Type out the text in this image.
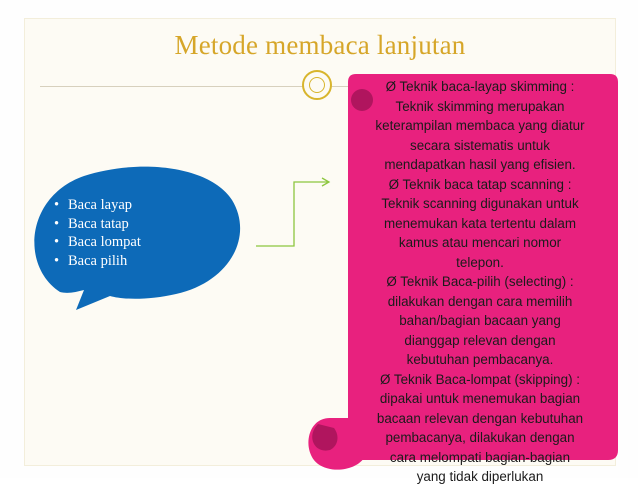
Metode membaca lanjutan
• Baca layap
• Baca tatap
• Baca lompat
• Baca pilih

Ø Teknik baca-layap skimming :

Teknik skimming merupakan

keterampilan membaca yang diatur

secara sistematis untuk

mendapatkan hasil yang efisien.

Ø Teknik baca tatap scanning :

Teknik scanning digunakan untuk

menemukan kata tertentu dalam

kamus atau mencari nomor

telepon.

Ø Teknik Baca-pilih (selecting) :

dilakukan dengan cara memilih

bahan/bagian bacaan yang

dianggap relevan dengan

kebutuhan pembacanya.

Ø Teknik Baca-lompat (skipping) :

dipakai untuk menemukan bagian

bacaan relevan dengan kebutuhan

pembacanya, dilakukan dengan

cara melompati bagian-bagian

yang tidak diperlukan
